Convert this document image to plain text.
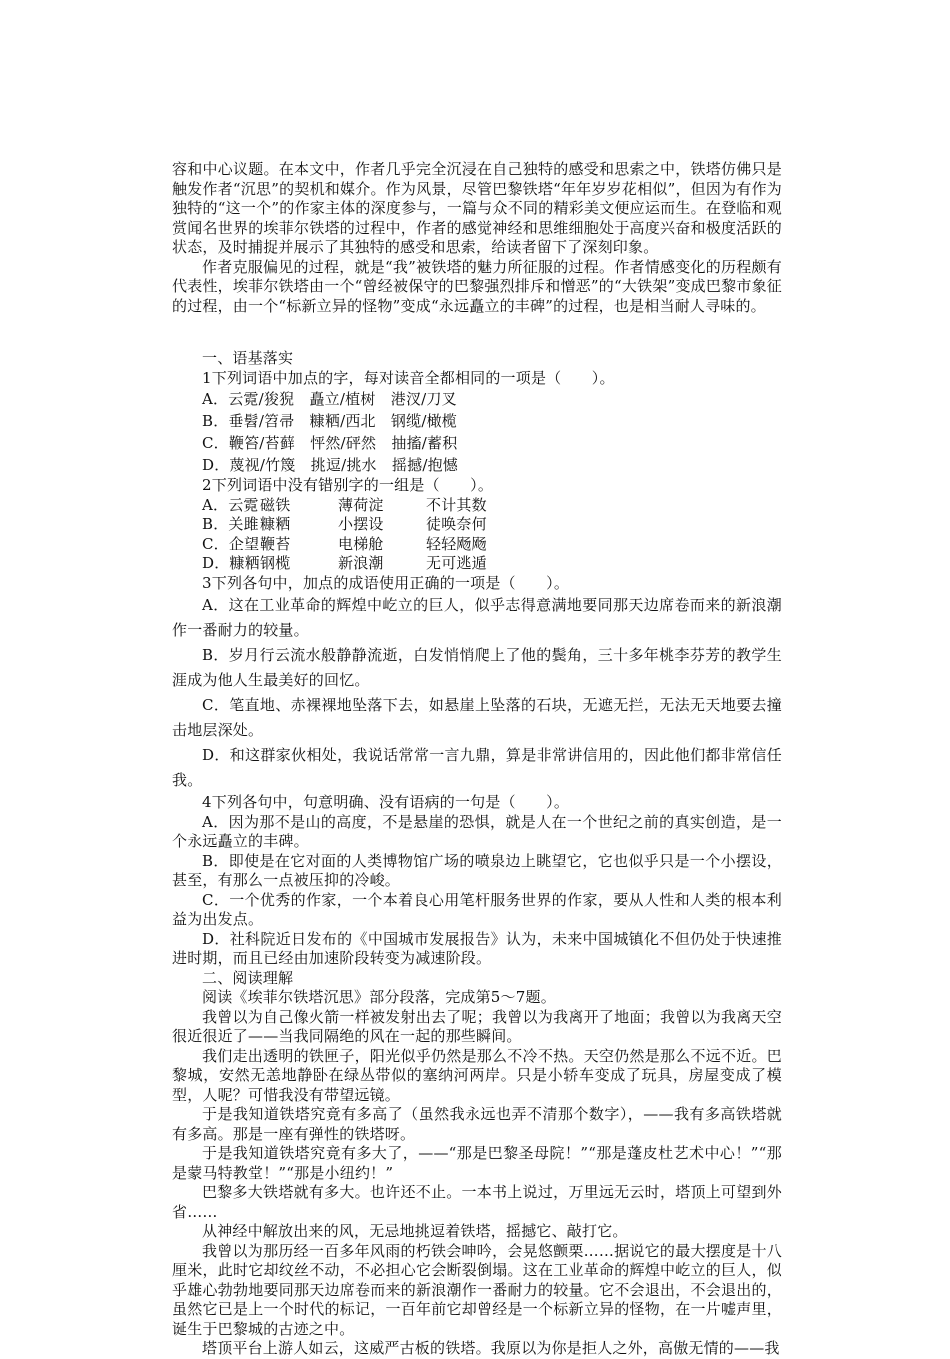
容和中心议题。在本文中，作者几乎完全沉浸在自己独特的感受和思索之中，铁塔仿佛只是触发作者“沉思”的契机和媒介。作为风景，尽管巴黎铁塔“年年岁岁花相似”，但因为有作为独特的“这一个”的作家主体的深度参与，一篇与众不同的精彩美文便应运而生。在登临和观赏闻名世界的埃菲尔铁塔的过程中，作者的感觉神经和思维细胞处于高度兴奋和极度活跃的状态，及时捕捉并展示了其独特的感受和思索，给读者留下了深刻印象。

作者克服偏见的过程，就是“我”被铁塔的魅力所征服的过程。作者情感变化的历程颇有代表性，埃菲尔铁塔由一个“曾经被保守的巴黎强烈排斥和憎恶”的“大铁架”变成巴黎市象征的过程，由一个“标新立异的怪物”变成“永远矗立的丰碑”的过程，也是相当耐人寻味的。

一、语基落实

1下列词语中加点的字，每对读音全都相同的一项是（　　）。

A．云霓/狻猊　矗立/植树　港汊/刀叉

B．垂髫/笤帚　糠粞/西北　钢缆/橄榄

C．鞭笞/苔藓　怦然/砰然　抽搐/蓄积

D．蔑视/竹篾　挑逗/挑水　摇撼/抱憾

2下列词语中没有错别字的一组是（　　）。

A．云霓 磁铁	薄荷淀	不计其数
B．关雎 糠粞	小摆设	徒唤奈何
C．企望 鞭苔	电梯舱	轻轻飏飏
D．糠粞 钢榄	新浪潮	无可逃遁

3下列各句中，加点的成语使用正确的一项是（　　）。

A．这在工业革命的辉煌中屹立的巨人，似乎志得意满地要同那天边席卷而来的新浪潮作一番耐力的较量。

B．岁月行云流水般静静流逝，白发悄悄爬上了他的鬓角，三十多年桃李芬芳的教学生涯成为他人生最美好的回忆。

C．笔直地、赤裸裸地坠落下去，如悬崖上坠落的石块，无遮无拦，无法无天地要去撞击地层深处。

D．和这群家伙相处，我说话常常一言九鼎，算是非常讲信用的，因此他们都非常信任我。

4下列各句中，句意明确、没有语病的一句是（　　）。

A．因为那不是山的高度，不是悬崖的恐惧，就是人在一个世纪之前的真实创造，是一个永远矗立的丰碑。

B．即使是在它对面的人类博物馆广场的喷泉边上眺望它，它也似乎只是一个小摆设，甚至，有那么一点被压抑的冷峻。

C．一个优秀的作家，一个本着良心用笔杆服务世界的作家，要从人性和人类的根本利益为出发点。

D．社科院近日发布的《中国城市发展报告》认为，未来中国城镇化不但仍处于快速推进时期，而且已经由加速阶段转变为减速阶段。

二、阅读理解

阅读《埃菲尔铁塔沉思》部分段落，完成第5～7题。

我曾以为自己像火箭一样被发射出去了呢；我曾以为我离开了地面；我曾以为我离天空很近很近了——当我同隔绝的风在一起的那些瞬间。

我们走出透明的铁匣子，阳光似乎仍然是那么不冷不热。天空仍然是那么不远不近。巴黎城，安然无恙地静卧在绿丛带似的塞纳河两岸。只是小轿车变成了玩具，房屋变成了模型，人呢？可惜我没有带望远镜。

于是我知道铁塔究竟有多高了（虽然我永远也弄不清那个数字），——我有多高铁塔就有多高。那是一座有弹性的铁塔呀。

于是我知道铁塔究竟有多大了，——“那是巴黎圣母院！”“那是蓬皮杜艺术中心！”“那是蒙马特教堂！”“那是小纽约！”

巴黎多大铁塔就有多大。也许还不止。一本书上说过，万里远无云时，塔顶上可望到外省……

从神经中解放出来的风，无忌地挑逗着铁塔，摇撼它、敲打它。

我曾以为那历经一百多年风雨的朽铁会呻吟，会晃悠颤栗……据说它的最大摆度是十八厘米，此时它却纹丝不动，不必担心它会断裂倒塌。这在工业革命的辉煌中屹立的巨人，似乎雄心勃勃地要同那天边席卷而来的新浪潮作一番耐力的较量。它不会退出，不会退出的，虽然它已是上一个时代的标记，一百年前它却曾经是一个标新立异的怪物，在一片嘘声里，诞生于巴黎城的古迹之中。

塔顶平台上游人如云，这威严古板的铁塔。我原以为你是拒人之外，高傲无情的——我
